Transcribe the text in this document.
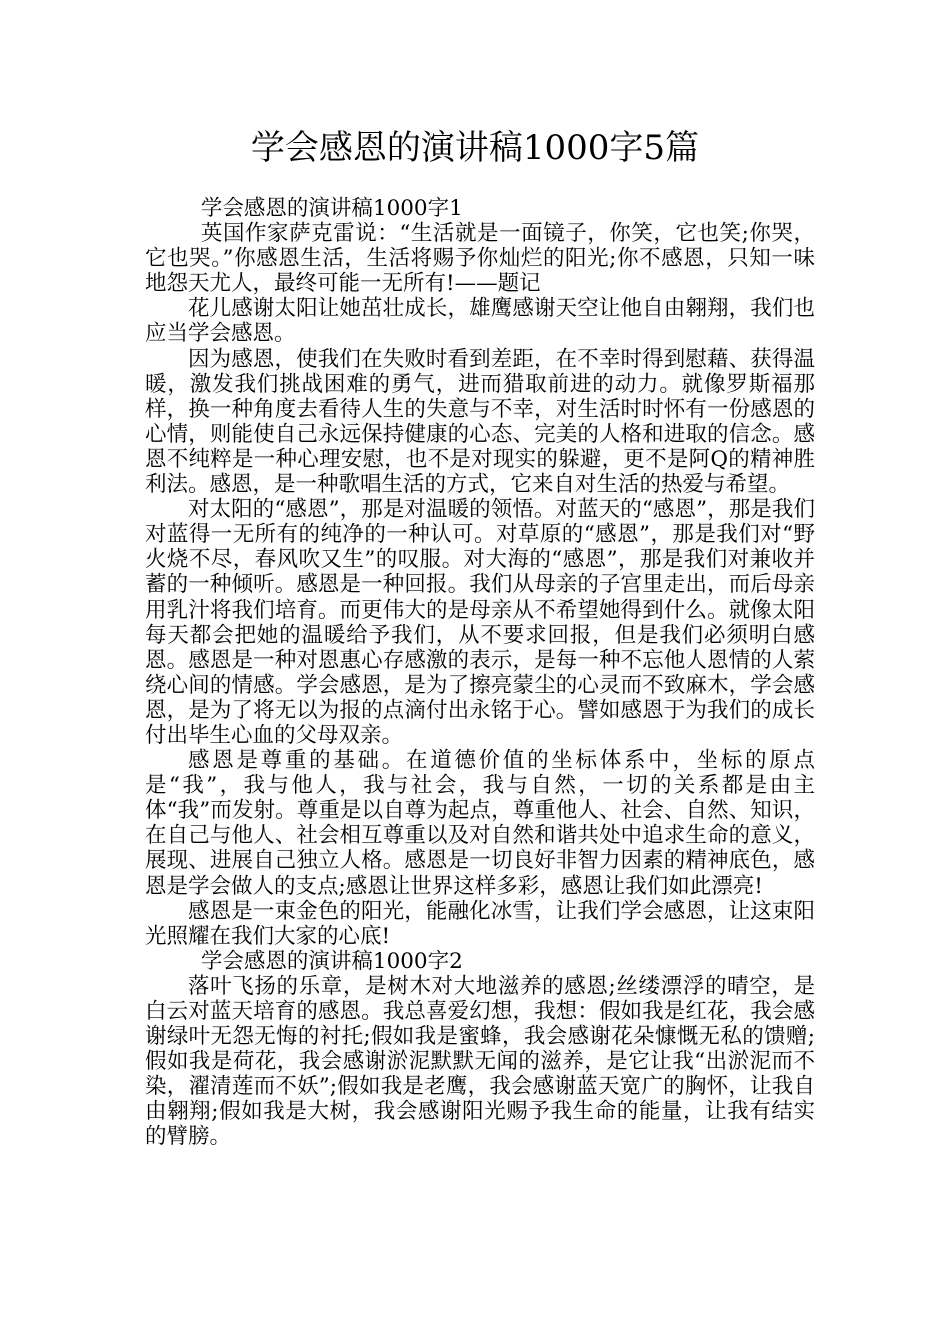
学会感恩的演讲稿1000字5篇

学会感恩的演讲稿1000字1

英国作家萨克雷说：“生活就是一面镜子，你笑，它也笑;你哭，它也哭。”你感恩生活，生活将赐予你灿烂的阳光;你不感恩，只知一味地怨天尤人，最终可能一无所有!——题记

花儿感谢太阳让她茁壮成长，雄鹰感谢天空让他自由翱翔，我们也应当学会感恩。

因为感恩，使我们在失败时看到差距，在不幸时得到慰藉、获得温暖，激发我们挑战困难的勇气，进而猎取前进的动力。就像罗斯福那样，换一种角度去看待人生的失意与不幸，对生活时时怀有一份感恩的心情，则能使自己永远保持健康的心态、完美的人格和进取的信念。感恩不纯粹是一种心理安慰，也不是对现实的躲避，更不是阿Q的精神胜利法。感恩，是一种歌唱生活的方式，它来自对生活的热爱与希望。

对太阳的“感恩”，那是对温暖的领悟。对蓝天的“感恩”，那是我们对蓝得一无所有的纯净的一种认可。对草原的“感恩”，那是我们对“野火烧不尽，春风吹又生”的叹服。对大海的“感恩”，那是我们对兼收并蓄的一种倾听。感恩是一种回报。我们从母亲的子宫里走出，而后母亲用乳汁将我们培育。而更伟大的是母亲从不希望她得到什么。就像太阳每天都会把她的温暖给予我们，从不要求回报，但是我们必须明白感恩。感恩是一种对恩惠心存感激的表示，是每一种不忘他人恩情的人萦绕心间的情感。学会感恩，是为了擦亮蒙尘的心灵而不致麻木，学会感恩，是为了将无以为报的点滴付出永铭于心。譬如感恩于为我们的成长付出毕生心血的父母双亲。

感恩是尊重的基础。在道德价值的坐标体系中，坐标的原点是“我”，我与他人，我与社会，我与自然，一切的关系都是由主体“我”而发射。尊重是以自尊为起点，尊重他人、社会、自然、知识，在自己与他人、社会相互尊重以及对自然和谐共处中追求生命的意义，展现、进展自己独立人格。感恩是一切良好非智力因素的精神底色，感恩是学会做人的支点;感恩让世界这样多彩，感恩让我们如此漂亮!

感恩是一束金色的阳光，能融化冰雪，让我们学会感恩，让这束阳光照耀在我们大家的心底!

学会感恩的演讲稿1000字2

落叶飞扬的乐章，是树木对大地滋养的感恩;丝缕漂浮的晴空，是白云对蓝天培育的感恩。我总喜爱幻想，我想：假如我是红花，我会感谢绿叶无怨无悔的衬托;假如我是蜜蜂，我会感谢花朵慷慨无私的馈赠;假如我是荷花，我会感谢淤泥默默无闻的滋养，是它让我“出淤泥而不染，濯清莲而不妖”;假如我是老鹰，我会感谢蓝天宽广的胸怀，让我自由翱翔;假如我是大树，我会感谢阳光赐予我生命的能量，让我有结实的臂膀。
